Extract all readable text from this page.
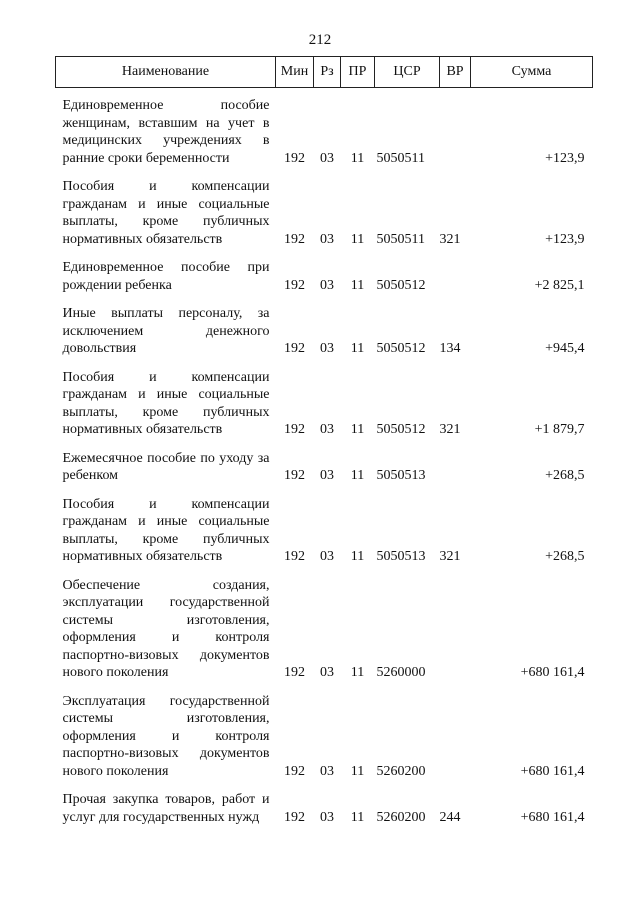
212
Наименование	Мин	Рз	ПР	ЦСР	ВР	Сумма

Единовременное пособие женщинам, вставшим на учет в медицинских учреждениях в ранние сроки беременности	192	03	11	5050511		+123,9

Пособия и компенсации гражданам и иные социальные выплаты, кроме публичных нормативных обязательств	192	03	11	5050511	321	+123,9

Единовременное пособие при рождении ребенка	192	03	11	5050512		+2 825,1

Иные выплаты персоналу, за исключением денежного довольствия	192	03	11	5050512	134	+945,4

Пособия и компенсации гражданам и иные социальные выплаты, кроме публичных нормативных обязательств	192	03	11	5050512	321	+1 879,7

Ежемесячное пособие по уходу за ребенком	192	03	11	5050513		+268,5

Пособия и компенсации гражданам и иные социальные выплаты, кроме публичных нормативных обязательств	192	03	11	5050513	321	+268,5

Обеспечение создания, эксплуатации государственной системы изготовления, оформления и контроля паспортно-визовых документов нового поколения	192	03	11	5260000		+680 161,4

Эксплуатация государственной системы изготовления, оформления и контроля паспортно-визовых документов нового поколения	192	03	11	5260200		+680 161,4

Прочая закупка товаров, работ и услуг для государственных нужд	192	03	11	5260200	244	+680 161,4
